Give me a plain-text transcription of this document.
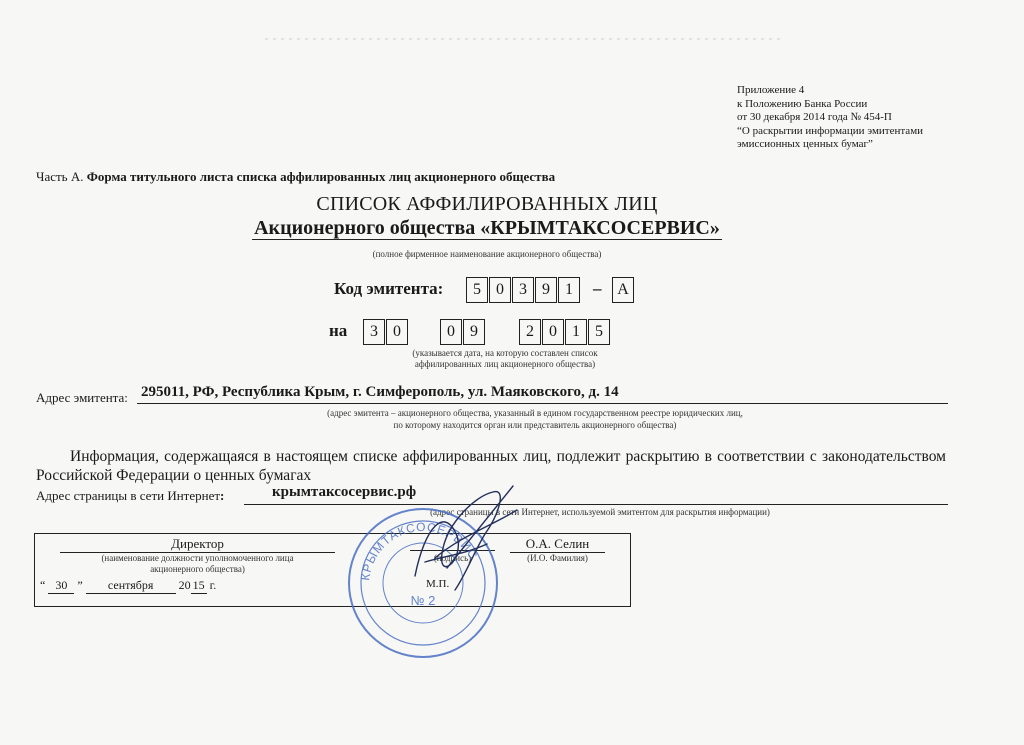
Приложение 4
к Положению Банка России
от 30 декабря 2014 года № 454-П
“О раскрытии информации эмитентами
эмиссионных ценных бумаг”
Часть А. Форма титульного листа списка аффилированных лиц акционерного общества
СПИСОК АФФИЛИРОВАННЫХ ЛИЦ
Акционерного общества «КРЫМТАКСОСЕРВИС»
(полное фирменное наименование акционерного общества)
Код эмитента:	5 0 3 9 1	– А
на	3 0	0 9	2 0 1 5
(указывается дата, на которую составлен список
аффилированных лиц акционерного общества)
Адрес эмитента: 295011, РФ, Республика Крым, г. Симферополь, ул. Маяковского, д. 14
(адрес эмитента – акционерного общества, указанный в едином государственном реестре юридических лиц,
по которому находится орган или представитель акционерного общества)
Информация, содержащаяся в настоящем списке аффилированных лиц, подлежит раскрытию в соответствии с законодательством Российской Федерации о ценных бумагах
Адрес страницы в сети Интернет:	крымтаксосервис.рф
(адрес страницы в сети Интернет, используемой эмитентом для раскрытия информации)
Директор
(наименование должности уполномоченного лица
акционерного общества)
(подпись)
О.А. Селин
(И.О. Фамилия)
“ 30 ” сентября 20 15 г.	М.П.
КРЫМТАКСОСЕРВИС
№ 2
